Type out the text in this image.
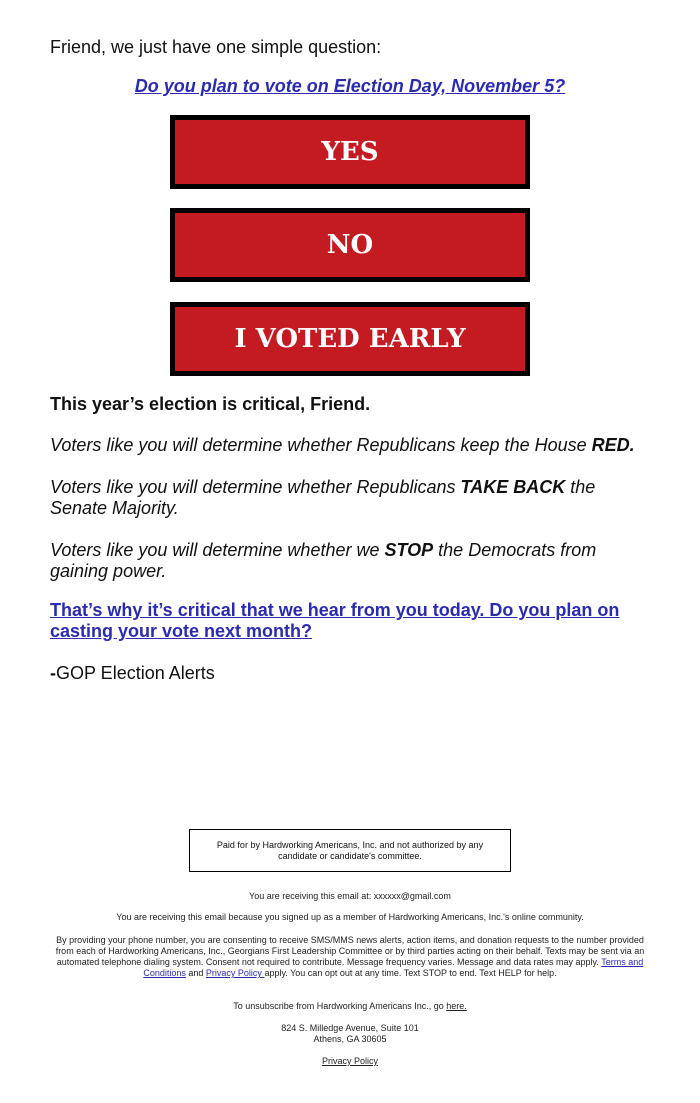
Friend, we just have one simple question:
Do you plan to vote on Election Day, November 5?
YES
NO
I VOTED EARLY
This year’s election is critical, Friend.
Voters like you will determine whether Republicans keep the House RED.
Voters like you will determine whether Republicans TAKE BACK the Senate Majority.
Voters like you will determine whether we STOP the Democrats from gaining power.
That’s why it’s critical that we hear from you today. Do you plan on casting your vote next month?
-GOP Election Alerts
Paid for by Hardworking Americans, Inc. and not authorized by any candidate or candidate's committee.
You are receiving this email at: xxxxxx@gmail.com
You are receiving this email because you signed up as a member of Hardworking Americans, Inc.'s online community.
By providing your phone number, you are consenting to receive SMS/MMS news alerts, action items, and donation requests to the number provided from each of Hardworking Americans, Inc., Georgians First Leadership Committee or by third parties acting on their behalf. Texts may be sent via an automated telephone dialing system. Consent not required to contribute. Message frequency varies. Message and data rates may apply. Terms and Conditions and Privacy Policy apply. You can opt out at any time. Text STOP to end. Text HELP for help.
To unsubscribe from Hardworking Americans Inc., go here.
824 S. Milledge Avenue, Suite 101
Athens, GA 30605
Privacy Policy
